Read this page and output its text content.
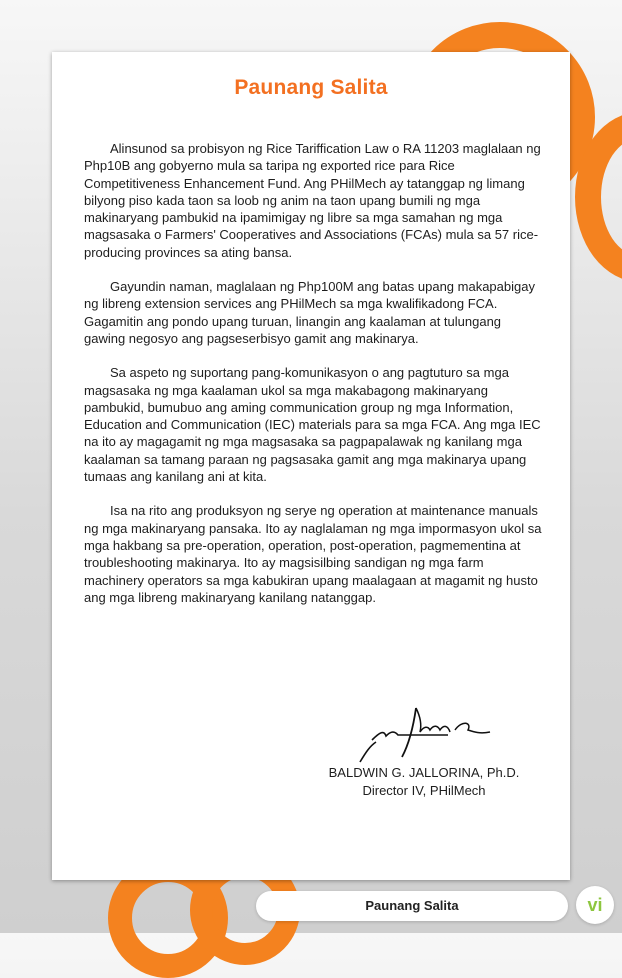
Paunang Salita

Alinsunod sa probisyon ng Rice Tariffication Law o RA 11203 maglalaan ng Php10B ang gobyerno mula sa taripa ng exported rice para Rice Competitiveness Enhancement Fund. Ang PHilMech ay tatanggap ng limang bilyong piso kada taon sa loob ng anim na taon upang bumili ng mga makinaryang pambukid na ipamimigay ng libre sa mga samahan ng mga magsasaka o Farmers' Cooperatives and Associations (FCAs) mula sa 57 rice-producing provinces sa ating bansa.

Gayundin naman, maglalaan ng Php100M ang batas upang makapabigay ng libreng extension services ang PHilMech sa mga kwalifikadong FCA. Gagamitin ang pondo upang turuan, linangin ang kaalaman at tulungang gawing negosyo ang pagseserbisyo gamit ang makinarya.

Sa aspeto ng suportang pang-komunikasyon o ang pagtuturo sa mga magsasaka ng mga kaalaman ukol sa mga makabagong makinaryang pambukid, bumubuo ang aming communication group ng mga Information, Education and Communication (IEC) materials para sa mga FCA. Ang mga IEC na ito ay magagamit ng mga magsasaka sa pagpapalawak ng kanilang mga kaalaman sa tamang paraan ng pagsasaka gamit ang mga makinarya upang tumaas ang kanilang ani at kita.

Isa na rito ang produksyon ng serye ng operation at maintenance manuals ng mga makinaryang pansaka. Ito ay naglalaman ng mga impormasyon ukol sa mga hakbang sa pre-operation, operation, post-operation, pagmementina at troubleshooting makinarya. Ito ay magsisilbing sandigan ng mga farm machinery operators sa mga kabukiran upang maalagaan at magamit ng husto ang mga libreng makinaryang kanilang natanggap.

BALDWIN G. JALLORINA, Ph.D.
Director IV, PHilMech
Paunang Salita	vi
